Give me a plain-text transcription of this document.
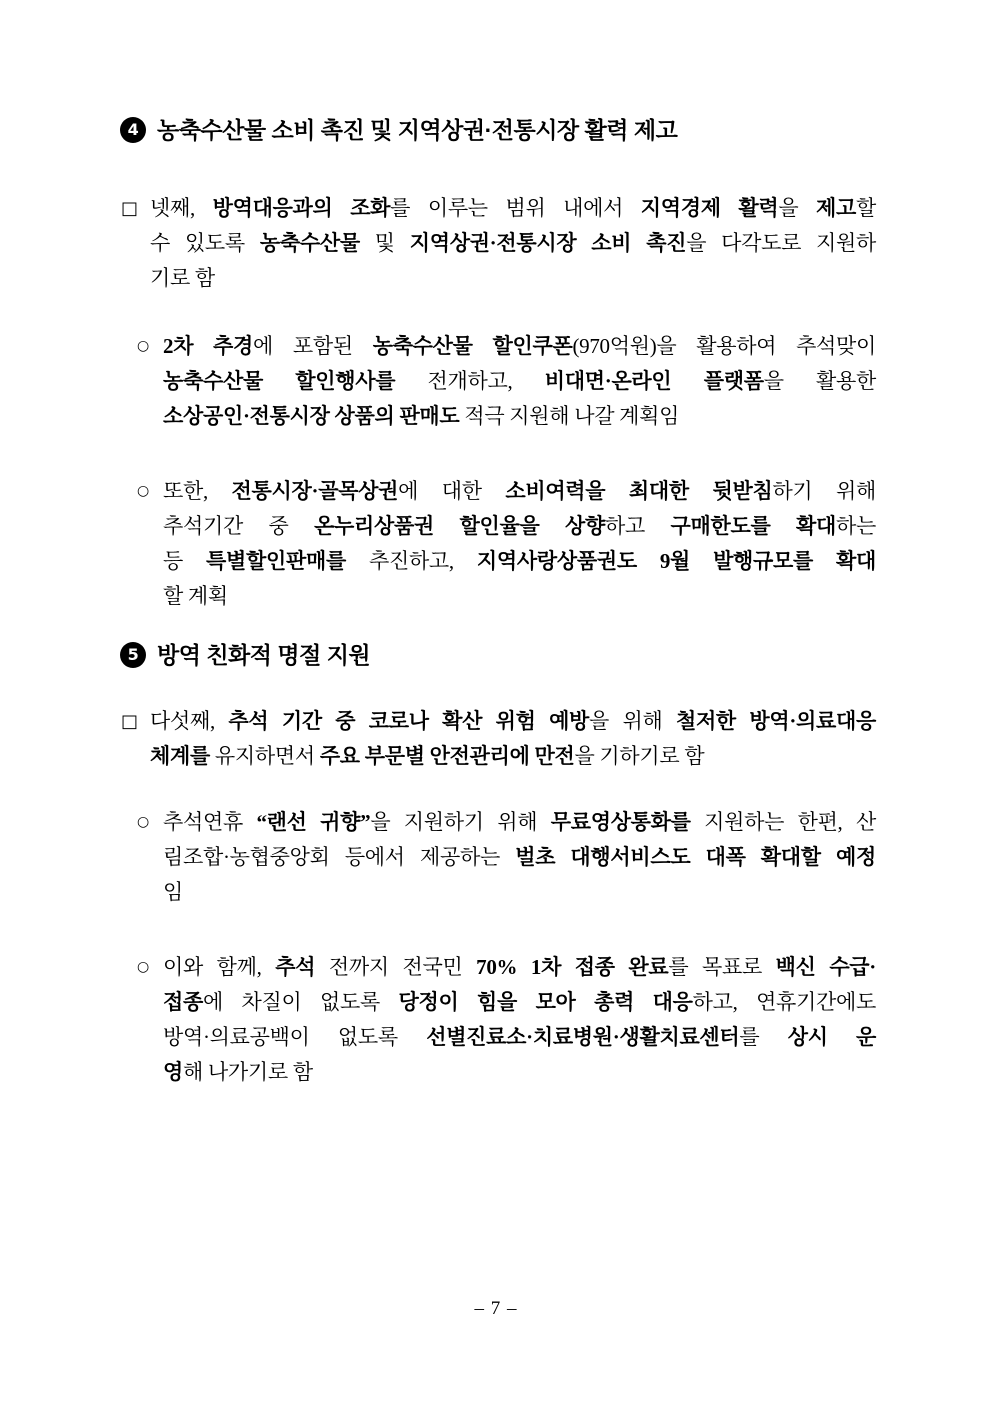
4 농축수산물 소비 촉진 및 지역상권·전통시장 활력 제고
□ 넷째, 방역대응과의 조화를 이루는 범위 내에서 지역경제 활력을 제고할
수 있도록 농축수산물 및 지역상권·전통시장 소비 촉진을 다각도로 지원하
기로 함
○ 2차 추경에 포함된 농축수산물 할인쿠폰(970억원)을 활용하여 추석맞이
농축수산물 할인행사를 전개하고, 비대면·온라인 플랫폼을 활용한
소상공인·전통시장 상품의 판매도 적극 지원해 나갈 계획임
○ 또한, 전통시장·골목상권에 대한 소비여력을 최대한 뒷받침하기 위해
추석기간 중 온누리상품권 할인율을 상향하고 구매한도를 확대하는
등 특별할인판매를 추진하고, 지역사랑상품권도 9월 발행규모를 확대
할 계획
5 방역 친화적 명절 지원
□ 다섯째, 추석 기간 중 코로나 확산 위험 예방을 위해 철저한 방역·의료대응
체계를 유지하면서 주요 부문별 안전관리에 만전을 기하기로 함
○ 추석연휴 “랜선 귀향”을 지원하기 위해 무료영상통화를 지원하는 한편, 산
림조합·농협중앙회 등에서 제공하는 벌초 대행서비스도 대폭 확대할 예정
임
○ 이와 함께, 추석 전까지 전국민 70% 1차 접종 완료를 목표로 백신 수급·
접종에 차질이 없도록 당정이 힘을 모아 총력 대응하고, 연휴기간에도
방역·의료공백이 없도록 선별진료소·치료병원·생활치료센터를 상시 운
영해 나가기로 함
– 7 –
